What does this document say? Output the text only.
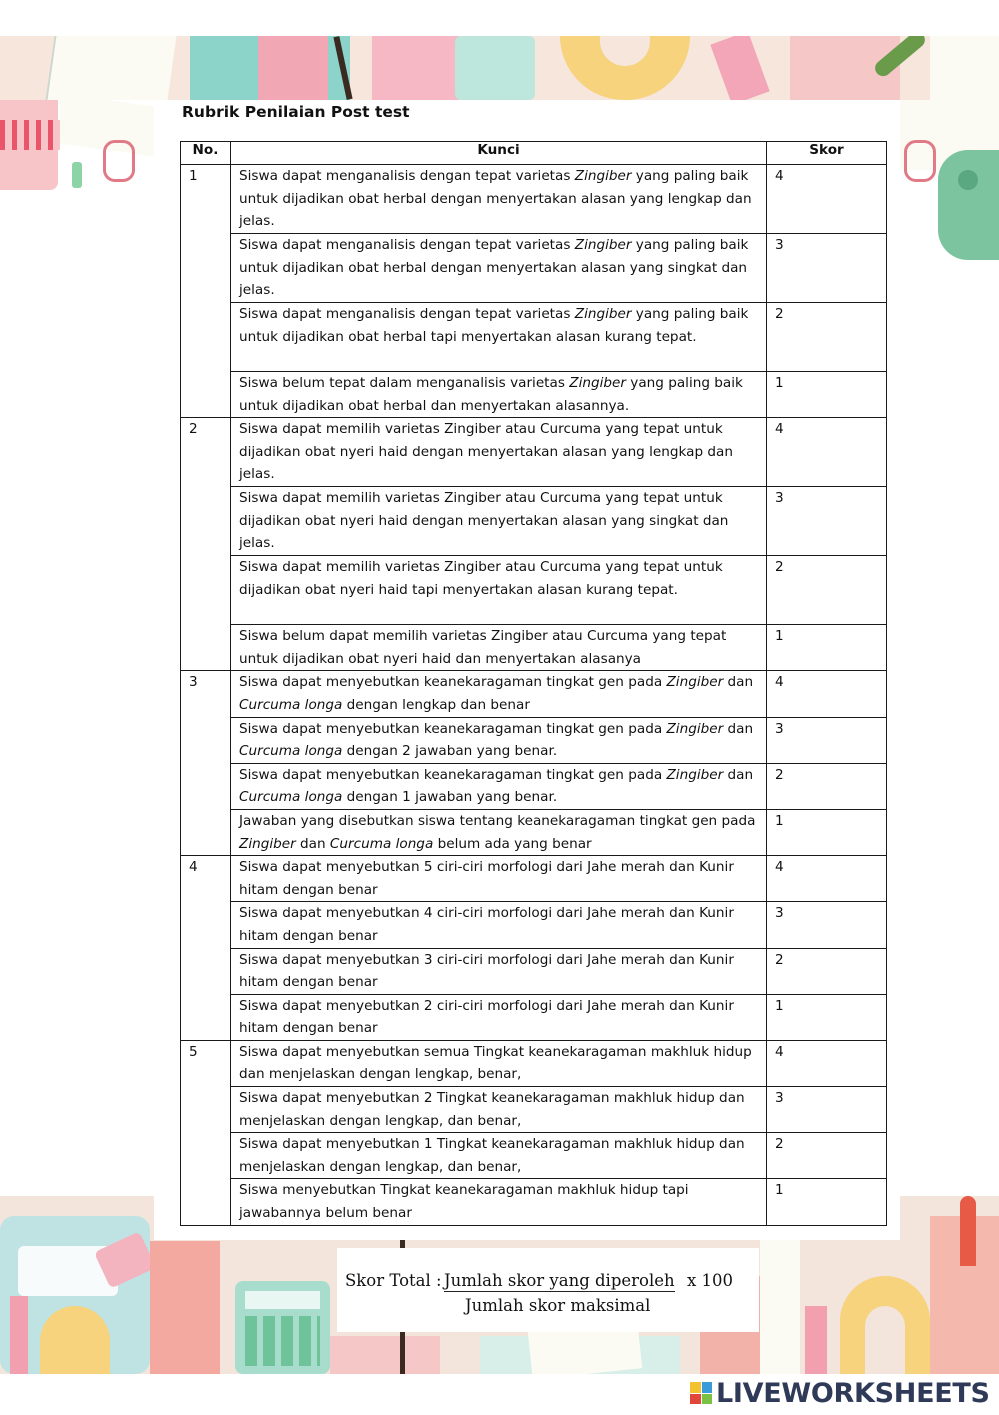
Rubrik Penilaian Post test
No.	Kunci	Skor
1	Siswa dapat menganalisis dengan tepat varietas Zingiber yang paling baik untuk dijadikan obat herbal dengan menyertakan alasan yang lengkap dan jelas.	4
	Siswa dapat menganalisis dengan tepat varietas Zingiber yang paling baik untuk dijadikan obat herbal dengan menyertakan alasan yang singkat dan jelas.	3
	Siswa dapat menganalisis dengan tepat varietas Zingiber yang paling baik untuk dijadikan obat herbal tapi menyertakan alasan kurang tepat.	2
	Siswa belum tepat dalam menganalisis varietas Zingiber yang paling baik untuk dijadikan obat herbal dan menyertakan alasannya.	1
2	Siswa dapat memilih varietas Zingiber atau Curcuma yang tepat untuk dijadikan obat nyeri haid dengan menyertakan alasan yang lengkap dan jelas.	4
	Siswa dapat memilih varietas Zingiber atau Curcuma yang tepat untuk dijadikan obat nyeri haid dengan menyertakan alasan yang singkat dan jelas.	3
	Siswa dapat memilih varietas Zingiber atau Curcuma yang tepat untuk dijadikan obat nyeri haid tapi menyertakan alasan kurang tepat.	2
	Siswa belum dapat memilih varietas Zingiber atau Curcuma yang tepat untuk dijadikan obat nyeri haid dan menyertakan alasanya	1
3	Siswa dapat menyebutkan keanekaragaman tingkat gen pada Zingiber dan Curcuma longa dengan lengkap dan benar	4
	Siswa dapat menyebutkan keanekaragaman tingkat gen pada Zingiber dan Curcuma longa dengan 2 jawaban yang benar.	3
	Siswa dapat menyebutkan keanekaragaman tingkat gen pada Zingiber dan Curcuma longa dengan 1 jawaban yang benar.	2
	Jawaban yang disebutkan siswa tentang keanekaragaman tingkat gen pada Zingiber dan Curcuma longa belum ada yang benar	1
4	Siswa dapat menyebutkan 5 ciri-ciri morfologi dari Jahe merah dan Kunir hitam dengan benar	4
	Siswa dapat menyebutkan 4 ciri-ciri morfologi dari Jahe merah dan Kunir hitam dengan benar	3
	Siswa dapat menyebutkan 3 ciri-ciri morfologi dari Jahe merah dan Kunir hitam dengan benar	2
	Siswa dapat menyebutkan 2 ciri-ciri morfologi dari Jahe merah dan Kunir hitam dengan benar	1
5	Siswa dapat menyebutkan semua Tingkat keanekaragaman makhluk hidup dan menjelaskan dengan lengkap, benar,	4
	Siswa dapat menyebutkan 2 Tingkat keanekaragaman makhluk hidup dan menjelaskan dengan lengkap, dan benar,	3
	Siswa dapat menyebutkan 1 Tingkat keanekaragaman makhluk hidup dan menjelaskan dengan lengkap, dan benar,	2
	Siswa menyebutkan Tingkat keanekaragaman makhluk hidup tapi jawabannya belum benar	1
Skor Total : Jumlah skor yang diperoleh x 100
Jumlah skor maksimal
LIVEWORKSHEETS
